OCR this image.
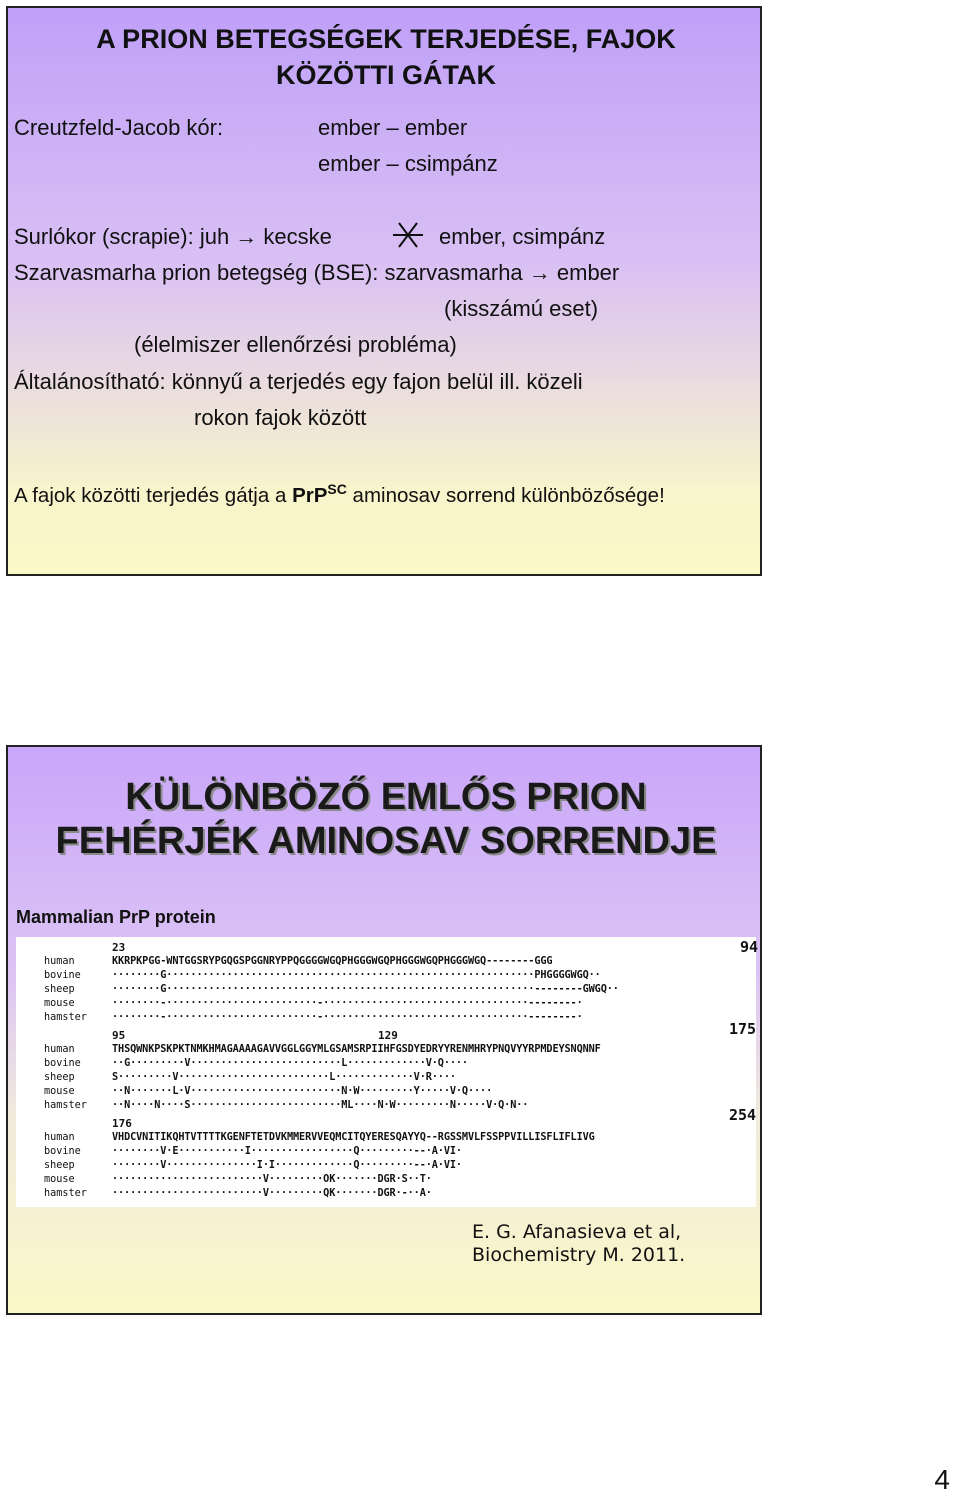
A PRION BETEGSÉGEK TERJEDÉSE, FAJOK
KÖZÖTTI GÁTAK
Creutzfeld-Jacob kór:	ember – ember
ember – csimpánz
Surlókor (scrapie): juh → kecske	ember, csimpánz
Szarvasmarha prion betegség (BSE): szarvasmarha → ember
(kisszámú eset)
(élelmiszer ellenőrzési probléma)
Általánosítható: könnyű a terjedés egy fajon belül ill. közeli
rokon fajok között
A fajok közötti terjedés gátja a PrP$^{SC}$ aminosav sorrend különbözősége!
KÜLÖNBÖZŐ EMLŐS PRION
FEHÉRJÉK AMINOSAV SORRENDJE
Mammalian PrP protein
23	94
human	KKRPKPGG-WNTGGSRYPGQGSPGGNRYPPQGGGGWGQPHGGGWGQPHGGGWGQPHGGGWGQ--------GGG
bovine	········G·····························································PHGGGGWGQ··
sheep	········G·····························································--------GWGQ··
mouse	········-·························-··································--------·
hamster	········-·························-··································--------·
95	129	175
human	THSQWNKPSKPKTNMKHMAGAAAAGAVVGGLGGYMLGSAMSRPIIHFGSDYEDRYYRENMHRYPNQVYYRPMDEYSNQNNF
bovine	··G·········V·························L·············V·Q····
sheep	S·········V·························L·············V·R····
mouse	··N·······L·V·························N·W·········Y·····V·Q····
hamster	··N····N····S·························ML····N·W·········N·····V·Q·N··
176	254
human	VHDCVNITIKQHTVTTTTKGENFTETDVKMMERVVEQMCITQYERESQAYYQ--RGSSMVLFSSPPVILLISFLIFLIVG
bovine	········V·E···········I·················Q·········--·A·VI·
sheep	········V···············I·I·············Q·········--·A·VI·
mouse	·························V·········OK·······DGR·S··T·
hamster	·························V·········QK·······DGR·-··A·
E. G. Afanasieva et al,
Biochemistry M. 2011.
4
